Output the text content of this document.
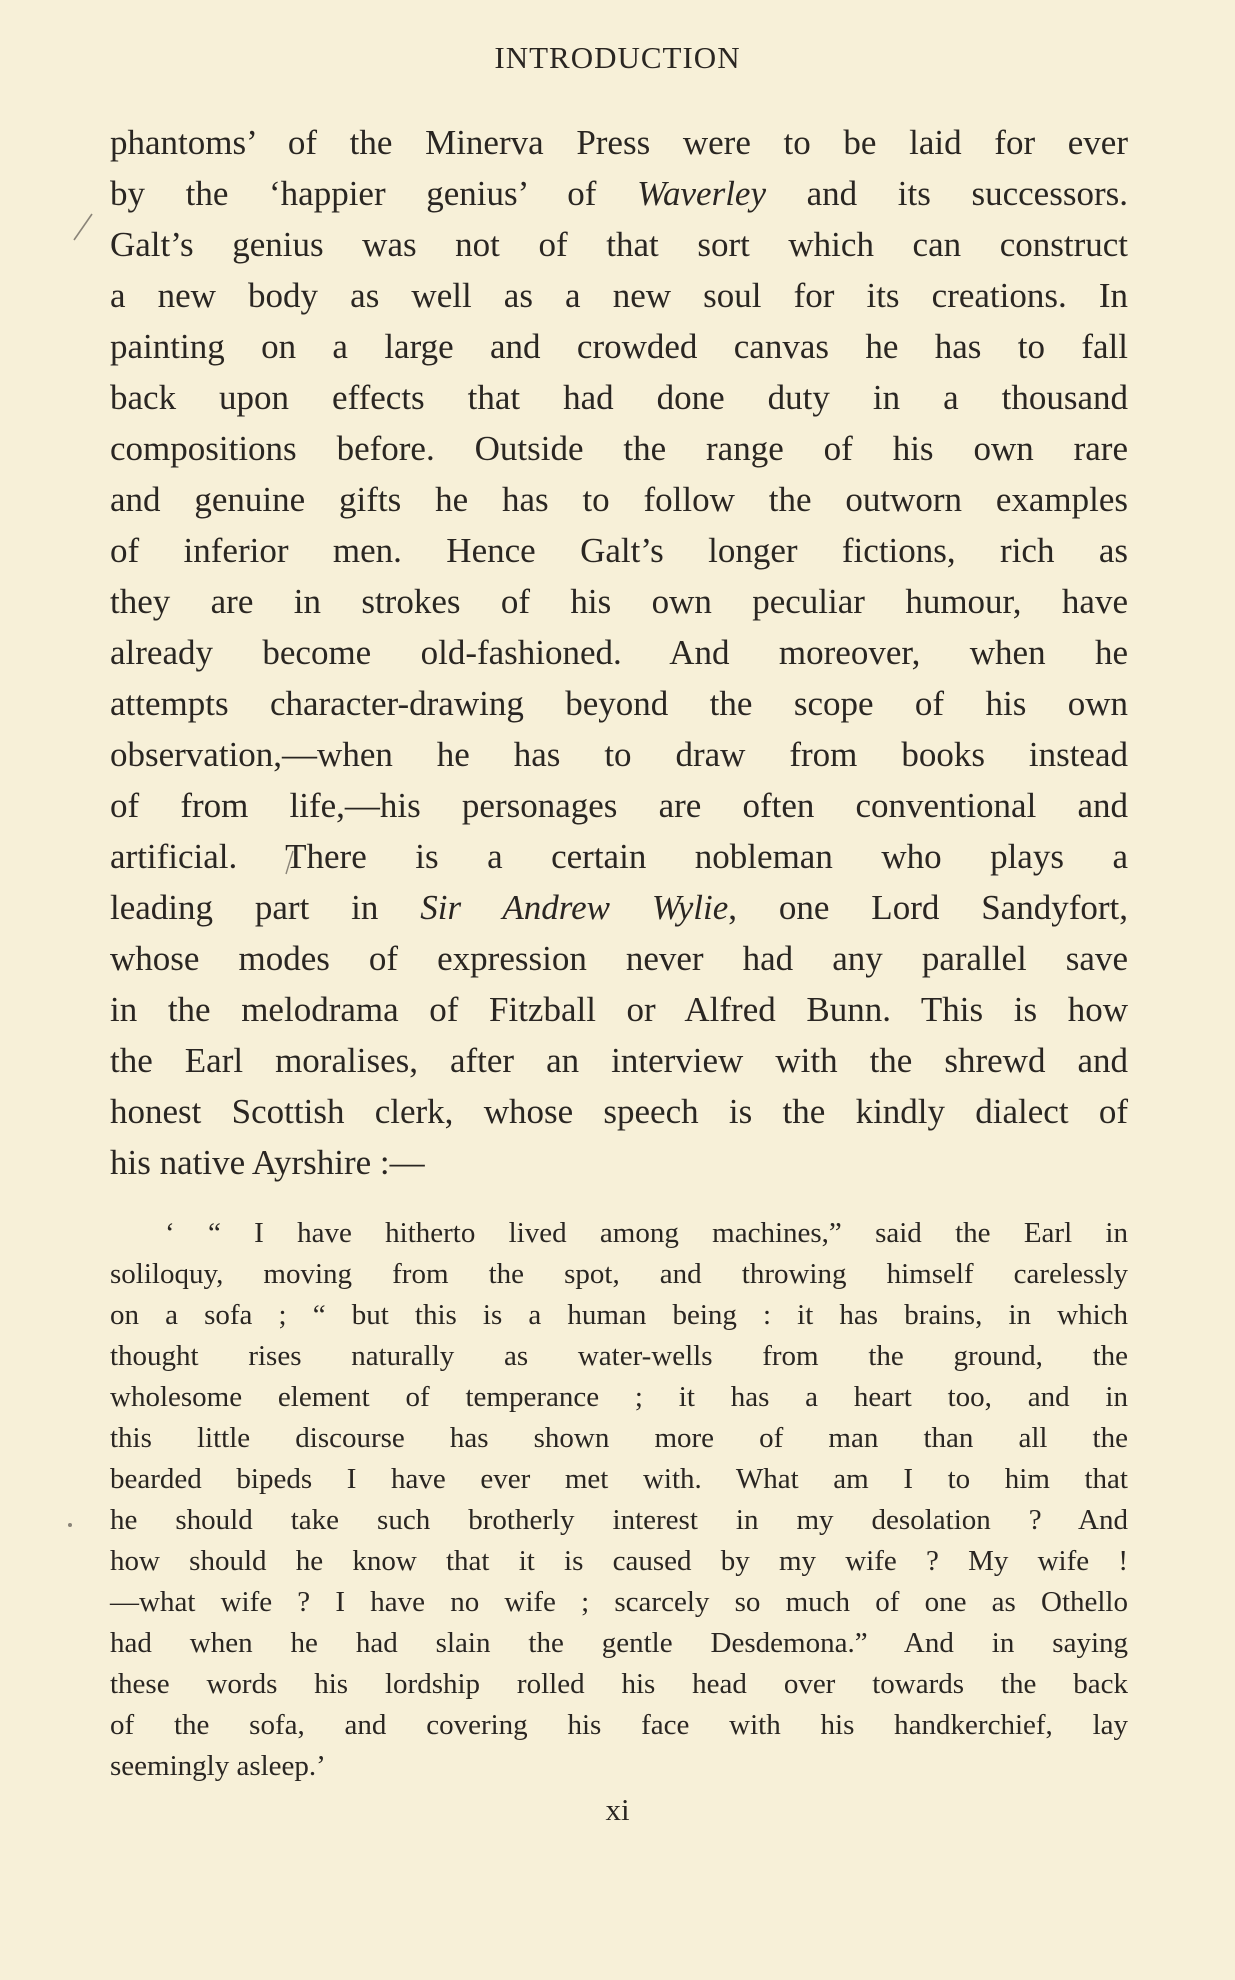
INTRODUCTION
phantoms’ of the Minerva Press were to be laid for ever
by the ‘happier genius’ of Waverley and its successors.
Galt’s genius was not of that sort which can construct
a new body as well as a new soul for its creations. In
painting on a large and crowded canvas he has to fall
back upon effects that had done duty in a thousand
compositions before. Outside the range of his own rare
and genuine gifts he has to follow the outworn examples
of inferior men. Hence Galt’s longer fictions, rich as
they are in strokes of his own peculiar humour, have
already become old-fashioned. And moreover, when he
attempts character-drawing beyond the scope of his own
observation,—when he has to draw from books instead
of from life,—his personages are often conventional and
artificial. There is a certain nobleman who plays a
leading part in Sir Andrew Wylie, one Lord Sandyfort,
whose modes of expression never had any parallel save
in the melodrama of Fitzball or Alfred Bunn. This is how
the Earl moralises, after an interview with the shrewd and
honest Scottish clerk, whose speech is the kindly dialect of
his native Ayrshire :—
‘ “ I have hitherto lived among machines,” said the Earl in
soliloquy, moving from the spot, and throwing himself carelessly
on a sofa ; “ but this is a human being : it has brains, in which
thought rises naturally as water-wells from the ground, the
wholesome element of temperance ; it has a heart too, and in
this little discourse has shown more of man than all the
bearded bipeds I have ever met with. What am I to him that
he should take such brotherly interest in my desolation ? And
how should he know that it is caused by my wife ? My wife !
—what wife ? I have no wife ; scarcely so much of one as Othello
had when he had slain the gentle Desdemona.” And in saying
these words his lordship rolled his head over towards the back
of the sofa, and covering his face with his handkerchief, lay
seemingly asleep.’
xi
